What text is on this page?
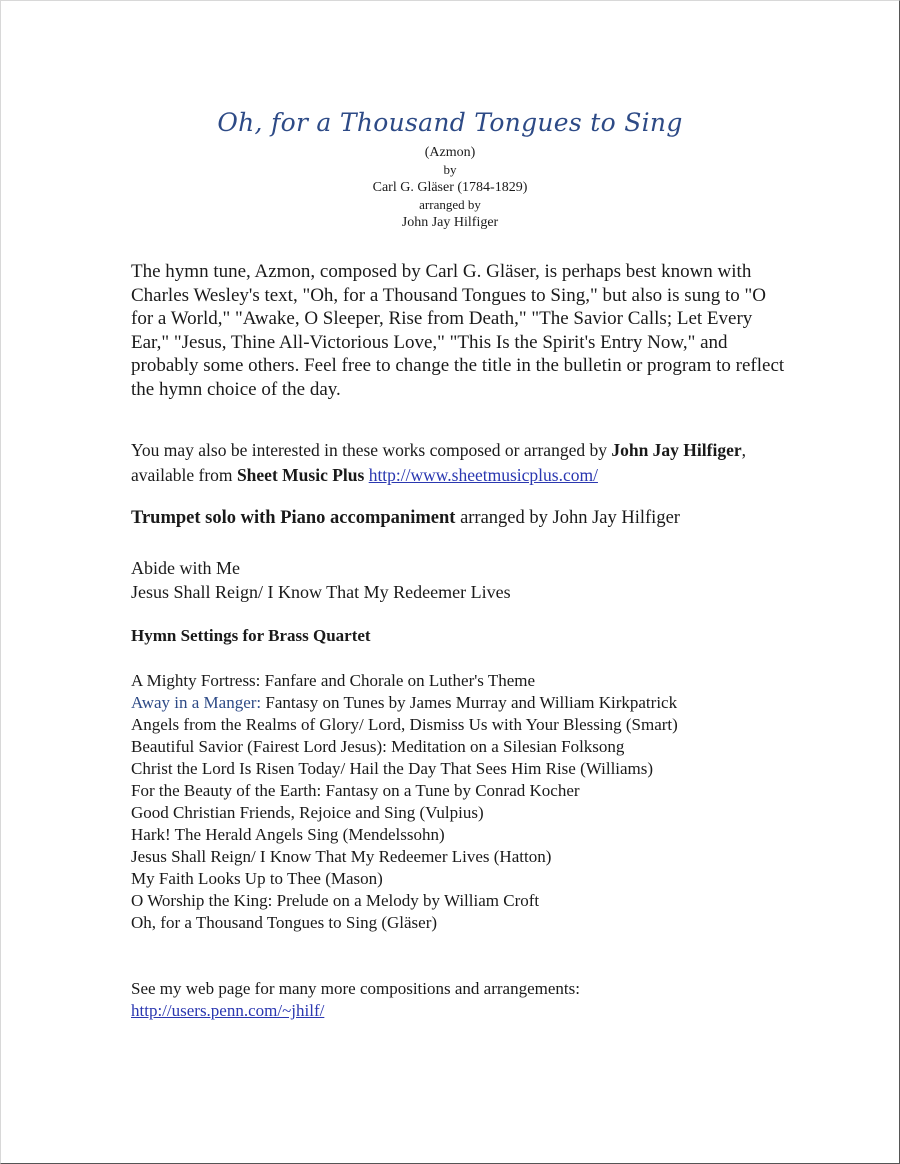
Oh, for a Thousand Tongues to Sing
(Azmon)
by
Carl G. Gläser (1784-1829)
arranged by
John Jay Hilfiger
The hymn tune, Azmon, composed by Carl G. Gläser, is perhaps best known with Charles Wesley's text, "Oh, for a Thousand Tongues to Sing," but also is sung to "O for a World," "Awake, O Sleeper, Rise from Death," "The Savior Calls; Let Every Ear," "Jesus, Thine All-Victorious Love," "This Is the Spirit's Entry Now," and probably some others. Feel free to change the title in the bulletin or program to reflect the hymn choice of the day.
You may also be interested in these works composed or arranged by John Jay Hilfiger, available from Sheet Music Plus http://www.sheetmusicplus.com/
Trumpet solo with Piano accompaniment arranged by John Jay Hilfiger
Abide with Me
Jesus Shall Reign/ I Know That My Redeemer Lives
Hymn Settings for Brass Quartet
A Mighty Fortress: Fanfare and Chorale on Luther's Theme
Away in a Manger: Fantasy on Tunes by James Murray and William Kirkpatrick
Angels from the Realms of Glory/ Lord, Dismiss Us with Your Blessing (Smart)
Beautiful Savior (Fairest Lord Jesus): Meditation on a Silesian Folksong
Christ the Lord Is Risen Today/ Hail the Day That Sees Him Rise (Williams)
For the Beauty of the Earth: Fantasy on a Tune by Conrad Kocher
Good Christian Friends, Rejoice and Sing (Vulpius)
Hark! The Herald Angels Sing (Mendelssohn)
Jesus Shall Reign/ I Know That My Redeemer Lives (Hatton)
My Faith Looks Up to Thee (Mason)
O Worship the King: Prelude on a Melody by William Croft
Oh, for a Thousand Tongues to Sing (Gläser)
See my web page for many more compositions and arrangements:
http://users.penn.com/~jhilf/
